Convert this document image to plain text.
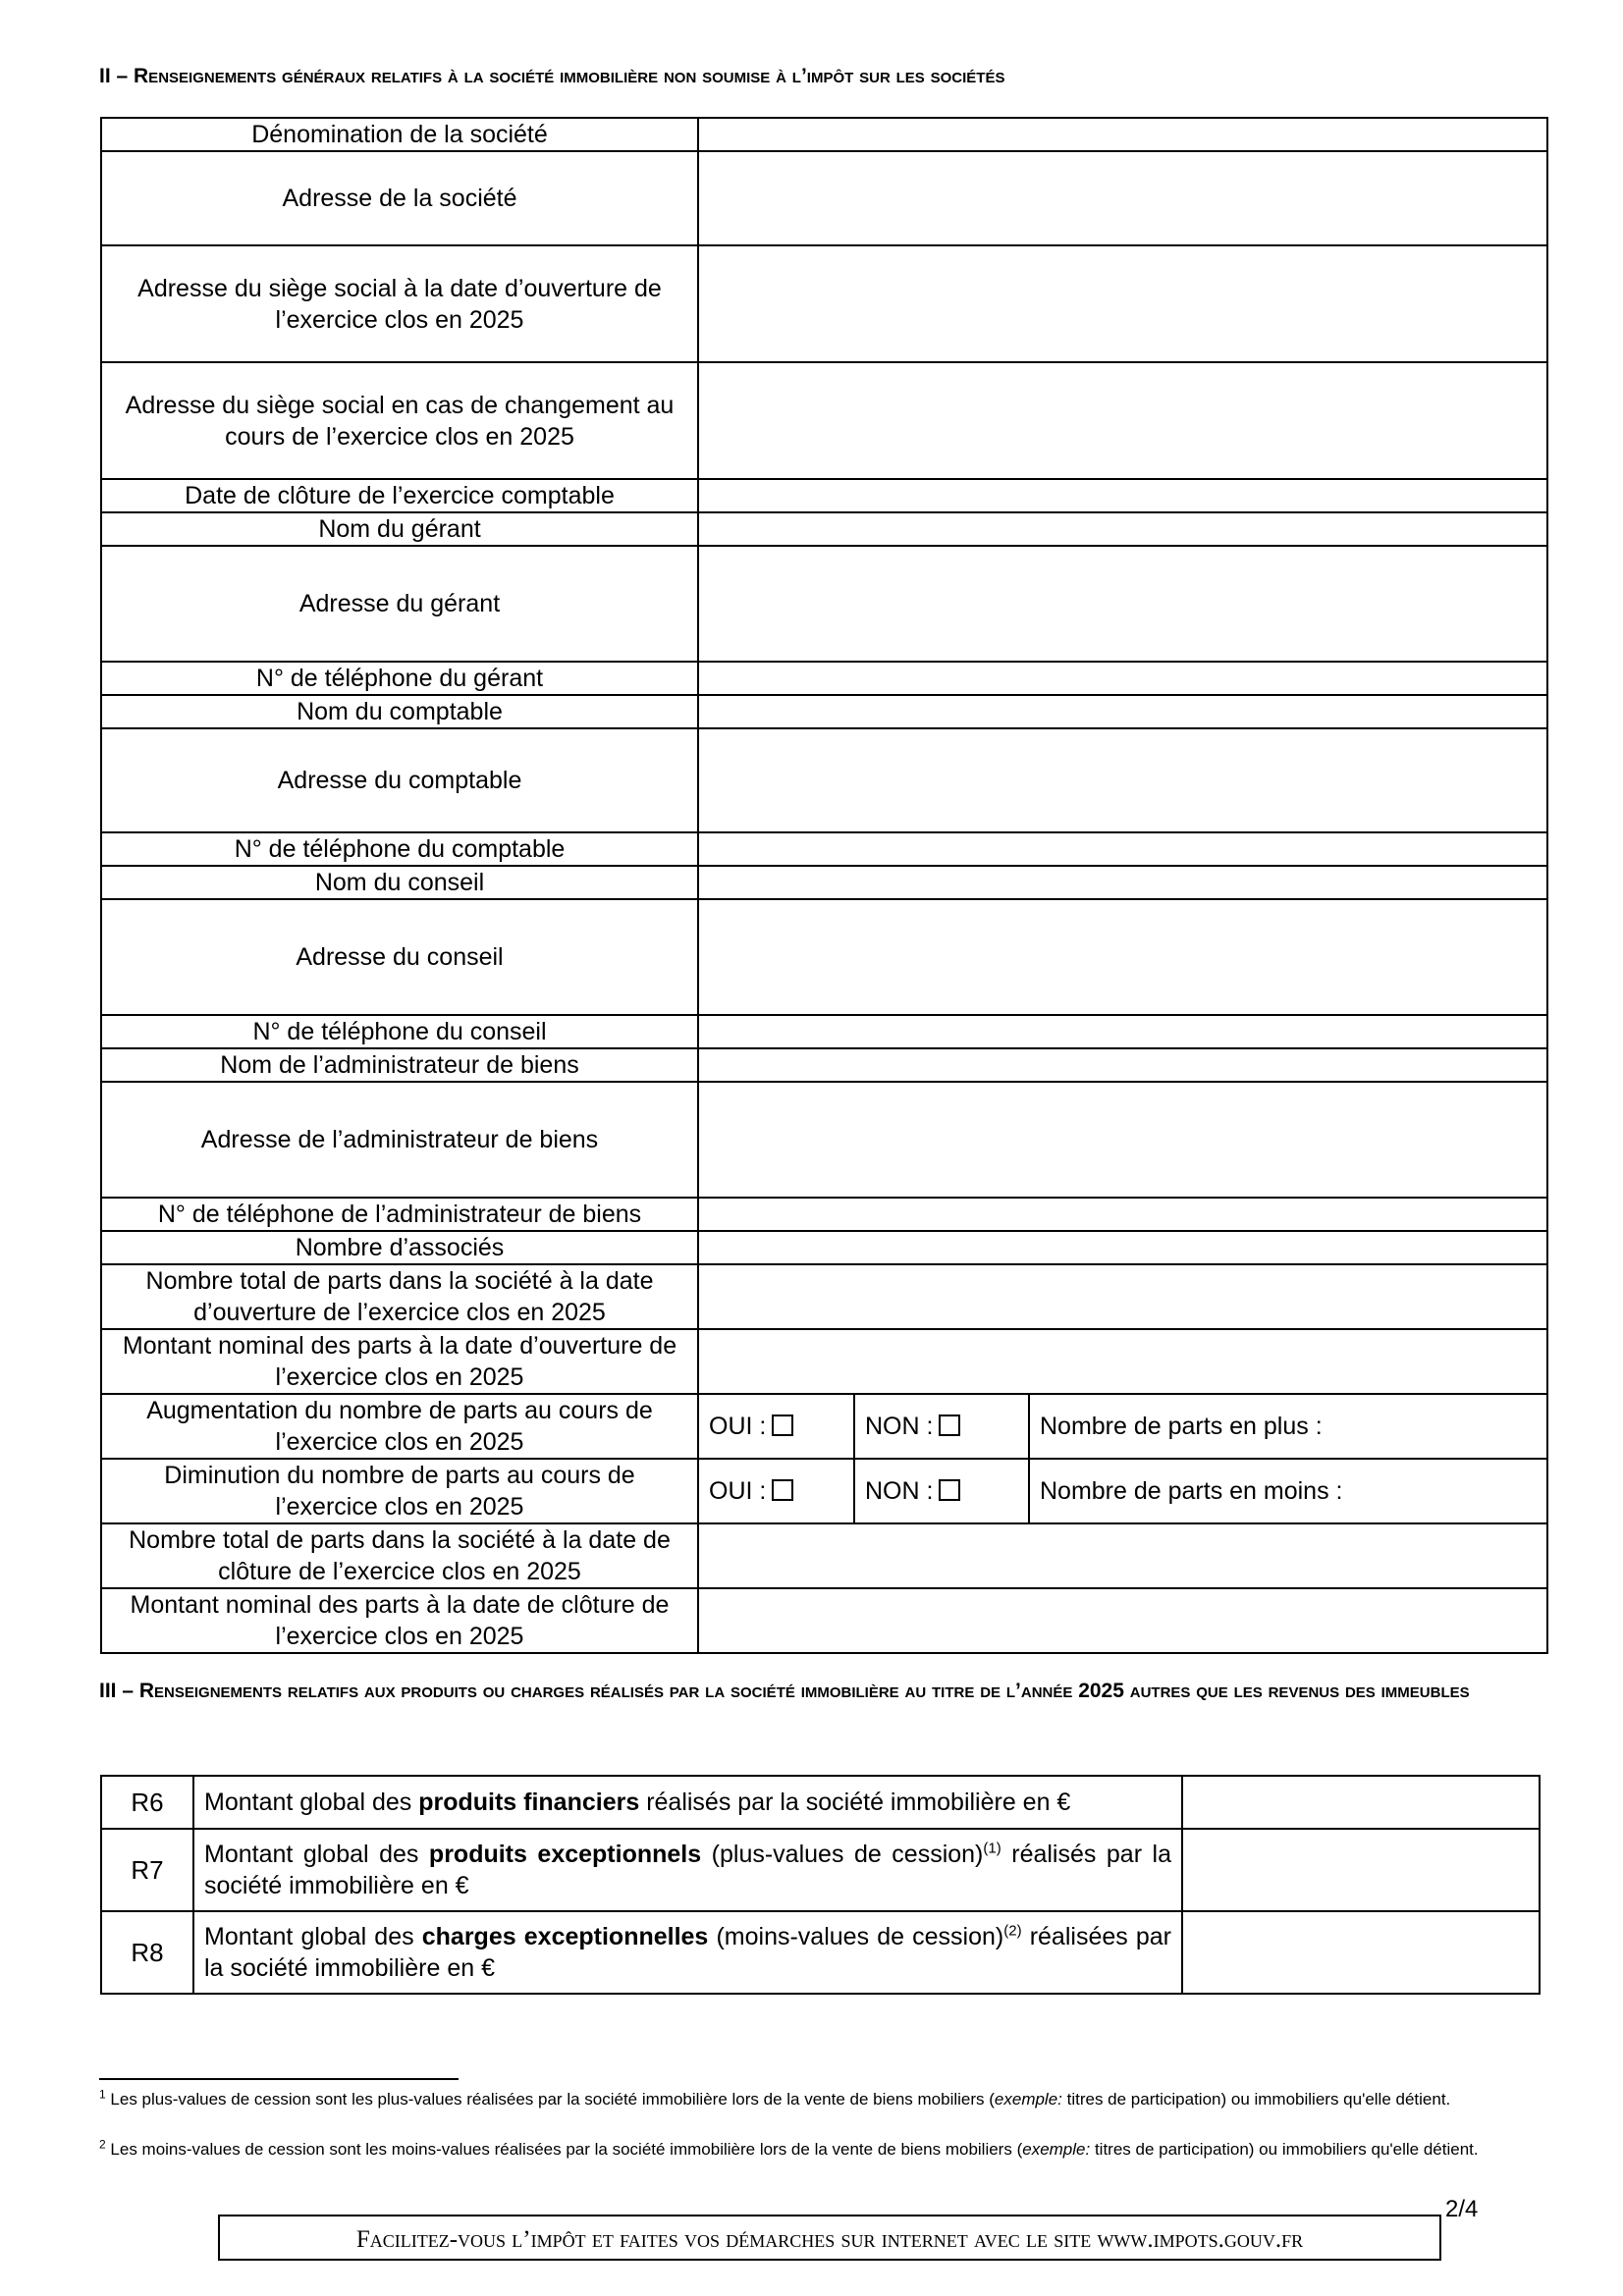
II – Renseignements généraux relatifs à la société immobilière non soumise à l’impôt sur les sociétés
Dénomination de la société			
Adresse de la société			
Adresse du siège social à la date d’ouverture de l’exercice clos en 2025			
Adresse du siège social en cas de changement au cours de l’exercice clos en 2025			
Date de clôture de l’exercice comptable			
Nom du gérant			
Adresse du gérant			
N° de téléphone du gérant			
Nom du comptable			
Adresse du comptable			
N° de téléphone du comptable			
Nom du conseil			
Adresse du conseil			
N° de téléphone du conseil			
Nom de l’administrateur de biens			
Adresse de l’administrateur de biens			
N° de téléphone de l’administrateur de biens			
Nombre d’associés			
Nombre total de parts dans la société à la date d’ouverture de l’exercice clos en 2025			
Montant nominal des parts à la date d’ouverture de l’exercice clos en 2025			
Augmentation du nombre de parts au cours de l’exercice clos en 2025	OUI :	NON :	Nombre de parts en plus :
Diminution du nombre de parts au cours de l’exercice clos en 2025	OUI :	NON :	Nombre de parts en moins :
Nombre total de parts dans la société à la date de clôture de l’exercice clos en 2025			
Montant nominal des parts à la date de clôture de l’exercice clos en 2025			
III – Renseignements relatifs aux produits ou charges réalisés par la société immobilière au titre de l’année 2025 autres que les revenus des immeubles
R6	Montant global des produits financiers réalisés par la société immobilière en €	
R7	Montant global des produits exceptionnels (plus-values de cession)$^{(1)}$ réalisés par la société immobilière en €	
R8	Montant global des charges exceptionnelles (moins-values de cession)$^{(2)}$ réalisées par la société immobilière en €	

$^1$ Les plus-values de cession sont les plus-values réalisées par la société immobilière lors de la vente de biens mobiliers (exemple: titres de participation) ou immobiliers qu'elle détient.

$^2$ Les moins-values de cession sont les moins-values réalisées par la société immobilière lors de la vente de biens mobiliers (exemple: titres de participation) ou immobiliers qu'elle détient.

2/4
Facilitez-vous l’impôt et faites vos démarches sur internet avec le site www.impots.gouv.fr
